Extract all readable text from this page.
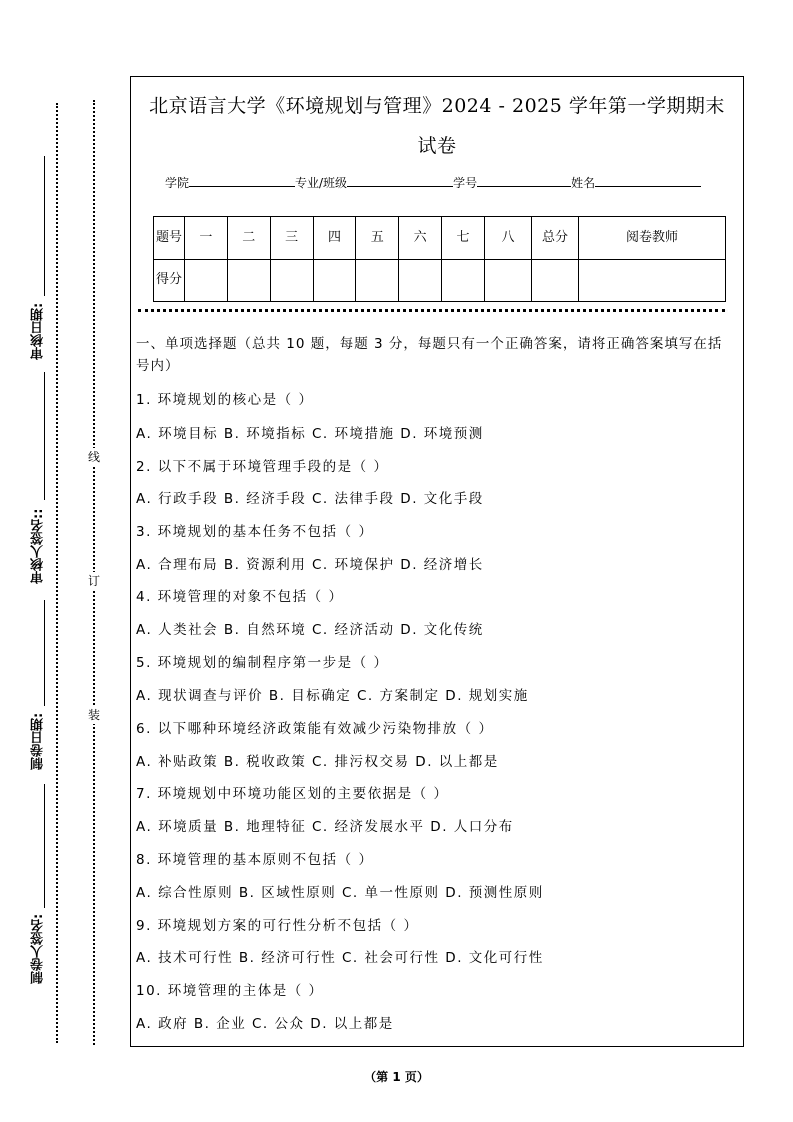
审核日期:
审核人签名::
制卷日期:
制卷人签名:
线
订
装
北京语言大学《环境规划与管理》2024 - 2025 学年第一学期期末
试卷
学院	专业/班级	学号	姓名
题号	一	二	三	四	五	六	七	八	总分	阅卷教师
得分										
一、单项选择题（总共 10 题，每题 3 分，每题只有一个正确答案，请将正确答案填写在括号内）
1. 环境规划的核心是（ ）
A. 环境目标 B. 环境指标 C. 环境措施 D. 环境预测
2. 以下不属于环境管理手段的是（ ）
A. 行政手段 B. 经济手段 C. 法律手段 D. 文化手段
3. 环境规划的基本任务不包括（ ）
A. 合理布局 B. 资源利用 C. 环境保护 D. 经济增长
4. 环境管理的对象不包括（ ）
A. 人类社会 B. 自然环境 C. 经济活动 D. 文化传统
5. 环境规划的编制程序第一步是（ ）
A. 现状调查与评价 B. 目标确定 C. 方案制定 D. 规划实施
6. 以下哪种环境经济政策能有效减少污染物排放（ ）
A. 补贴政策 B. 税收政策 C. 排污权交易 D. 以上都是
7. 环境规划中环境功能区划的主要依据是（ ）
A. 环境质量 B. 地理特征 C. 经济发展水平 D. 人口分布
8. 环境管理的基本原则不包括（ ）
A. 综合性原则 B. 区域性原则 C. 单一性原则 D. 预测性原则
9. 环境规划方案的可行性分析不包括（ ）
A. 技术可行性 B. 经济可行性 C. 社会可行性 D. 文化可行性
10. 环境管理的主体是（ ）
A. 政府 B. 企业 C. 公众 D. 以上都是
（第 1 页）
